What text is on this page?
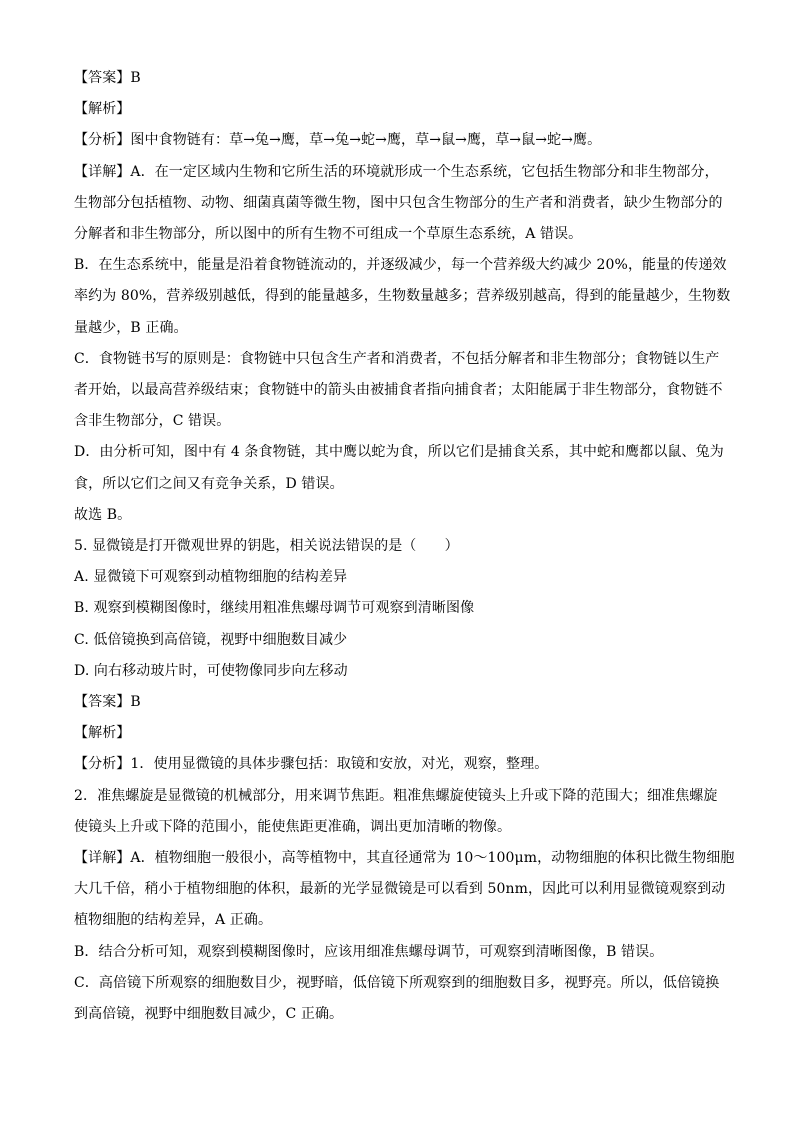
【答案】B
【解析】
【分析】图中食物链有：草→兔→鹰，草→兔→蛇→鹰，草→鼠→鹰，草→鼠→蛇→鹰。
【详解】A．在一定区域内生物和它所生活的环境就形成一个生态系统，它包括生物部分和非生物部分，
生物部分包括植物、动物、细菌真菌等微生物，图中只包含生物部分的生产者和消费者，缺少生物部分的
分解者和非生物部分，所以图中的所有生物不可组成一个草原生态系统，A 错误。
B．在生态系统中，能量是沿着食物链流动的，并逐级减少，每一个营养级大约减少 20%，能量的传递效
率约为 80%，营养级别越低，得到的能量越多，生物数量越多；营养级别越高，得到的能量越少，生物数
量越少，B 正确。
C．食物链书写的原则是：食物链中只包含生产者和消费者，不包括分解者和非生物部分；食物链以生产
者开始，以最高营养级结束；食物链中的箭头由被捕食者指向捕食者；太阳能属于非生物部分，食物链不
含非生物部分，C 错误。
D．由分析可知，图中有 4 条食物链，其中鹰以蛇为食，所以它们是捕食关系，其中蛇和鹰都以鼠、兔为
食，所以它们之间又有竞争关系，D 错误。
故选 B。
5. 显微镜是打开微观世界的钥匙，相关说法错误的是（　　）
A. 显微镜下可观察到动植物细胞的结构差异
B. 观察到模糊图像时，继续用粗准焦螺母调节可观察到清晰图像
C. 低倍镜换到高倍镜，视野中细胞数目减少
D. 向右移动玻片时，可使物像同步向左移动
【答案】B
【解析】
【分析】1．使用显微镜的具体步骤包括：取镜和安放，对光，观察，整理。
2．准焦螺旋是显微镜的机械部分，用来调节焦距。粗准焦螺旋使镜头上升或下降的范围大；细准焦螺旋
使镜头上升或下降的范围小，能使焦距更准确，调出更加清晰的物像。
【详解】A．植物细胞一般很小，高等植物中，其直径通常为 10～100μm，动物细胞的体积比微生物细胞
大几千倍，稍小于植物细胞的体积，最新的光学显微镜是可以看到 50nm，因此可以利用显微镜观察到动
植物细胞的结构差异，A 正确。
B．结合分析可知，观察到模糊图像时，应该用细准焦螺母调节，可观察到清晰图像，B 错误。
C．高倍镜下所观察的细胞数目少，视野暗，低倍镜下所观察到的细胞数目多，视野亮。所以，低倍镜换
到高倍镜，视野中细胞数目减少，C 正确。
